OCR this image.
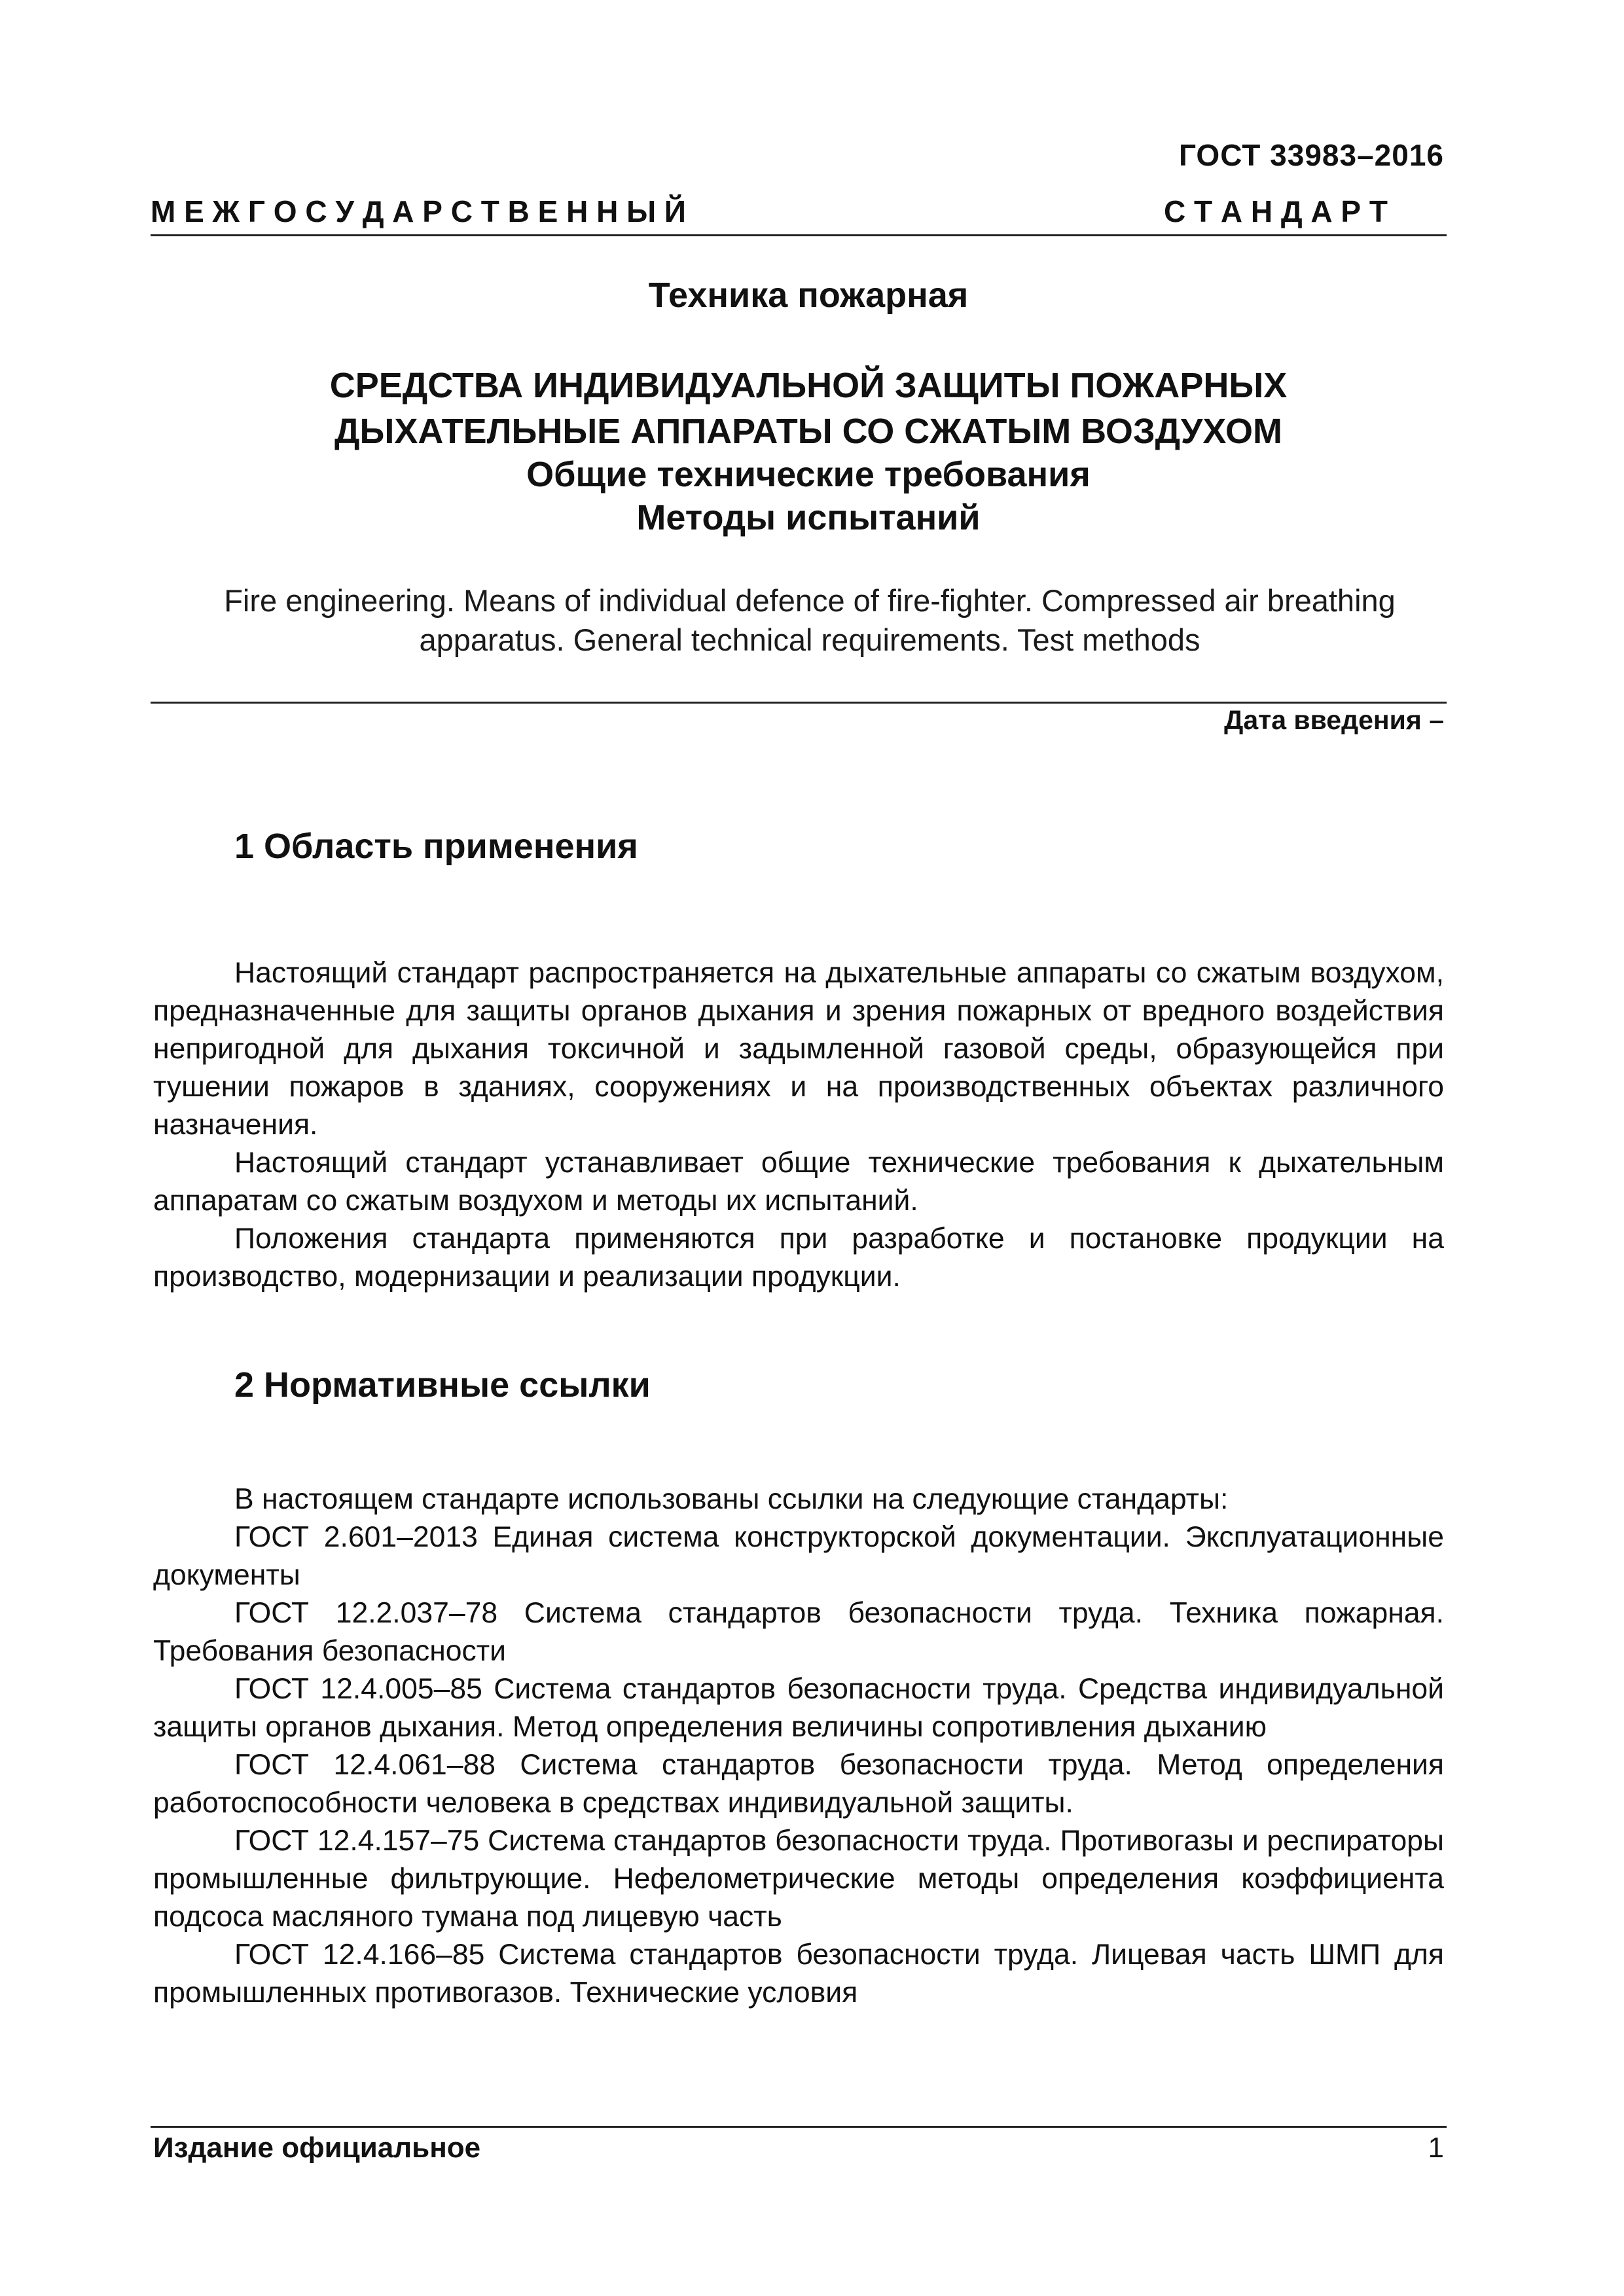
ГОСТ 33983–2016
М Е Ж Г О С У Д А Р С Т В Е Н Н Ы Й	С Т А Н Д А Р Т
Техника пожарная
СРЕДСТВА ИНДИВИДУАЛЬНОЙ ЗАЩИТЫ ПОЖАРНЫХ
ДЫХАТЕЛЬНЫЕ АППАРАТЫ СО СЖАТЫМ ВОЗДУХОМ
Общие технические требования
Методы испытаний
Fire engineering. Means of individual defence of fire-fighter. Compressed air breathing apparatus. General technical requirements. Test methods
Дата введения –
1 Область применения

Настоящий стандарт распространяется на дыхательные аппараты со сжатым воздухом, предназначенные для защиты органов дыхания и зрения пожарных от вредного воздействия непригодной для дыхания токсичной и задымленной газовой среды, образующейся при тушении пожаров в зданиях, сооружениях и на производственных объектах различного назначения.

Настоящий стандарт устанавливает общие технические требования к дыхательным аппаратам со сжатым воздухом и методы их испытаний.

Положения стандарта применяются при разработке и постановке продукции на производство, модернизации и реализации продукции.

2 Нормативные ссылки

В настоящем стандарте использованы ссылки на следующие стандарты:

ГОСТ 2.601–2013 Единая система конструкторской документации. Эксплуатационные документы

ГОСТ 12.2.037–78 Система стандартов безопасности труда. Техника пожарная. Требования безопасности

ГОСТ 12.4.005–85 Система стандартов безопасности труда. Средства индивидуальной защиты органов дыхания. Метод определения величины сопротивления дыханию

ГОСТ 12.4.061–88 Система стандартов безопасности труда. Метод определения работоспособности человека в средствах индивидуальной защиты.

ГОСТ 12.4.157–75 Система стандартов безопасности труда. Противогазы и респираторы промышленные фильтрующие. Нефелометрические методы определения коэффициента подсоса масляного тумана под лицевую часть

ГОСТ 12.4.166–85 Система стандартов безопасности труда. Лицевая часть ШМП для промышленных противогазов. Технические условия

Издание официальное	1
